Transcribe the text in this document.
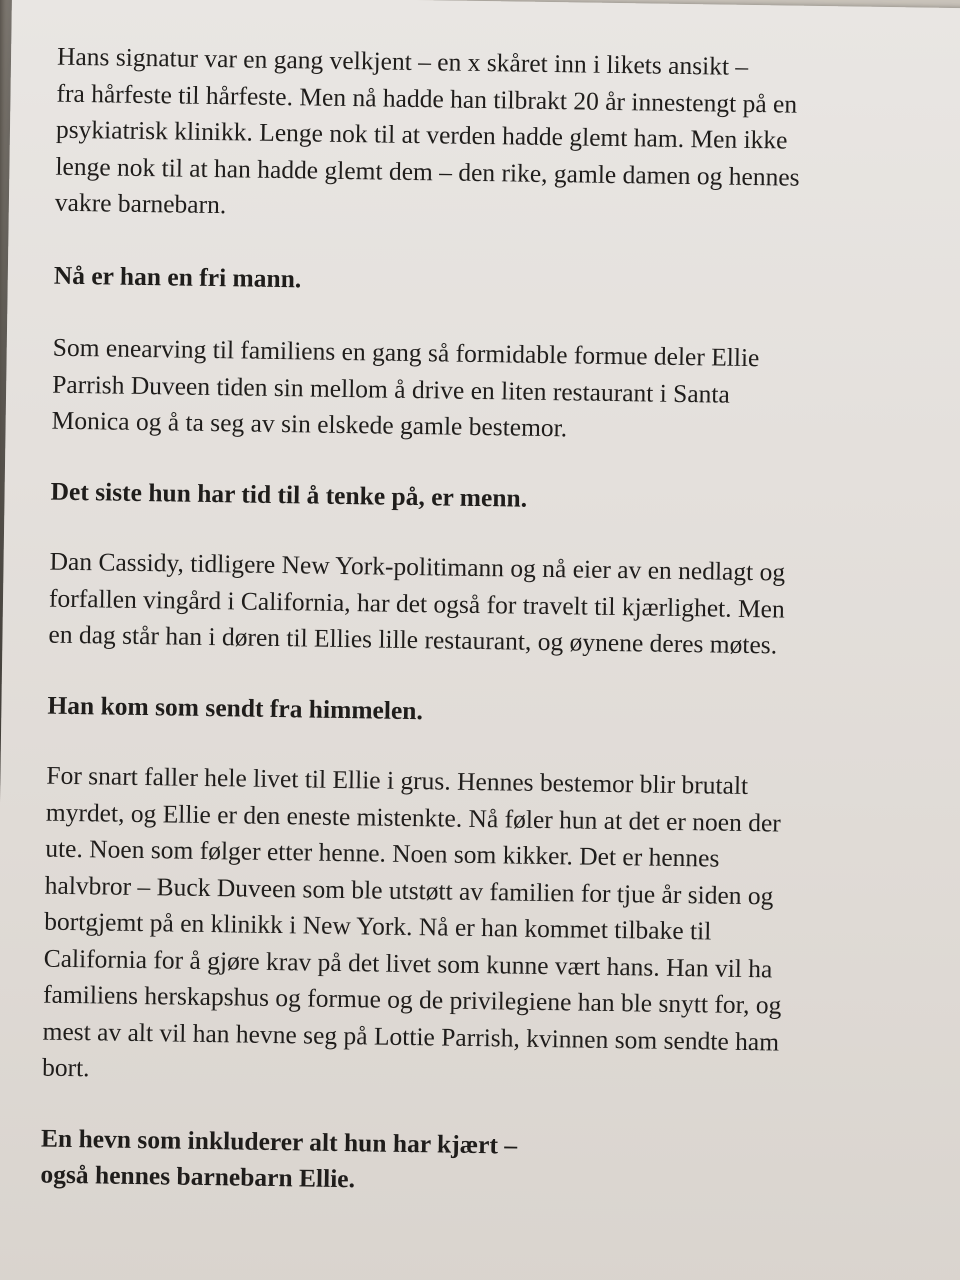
Hans signatur var en gang velkjent – en x skåret inn i likets ansikt –

fra hårfeste til hårfeste. Men nå hadde han tilbrakt 20 år innestengt på en

psykiatrisk klinikk. Lenge nok til at verden hadde glemt ham. Men ikke

lenge nok til at han hadde glemt dem – den rike, gamle damen og hennes

vakre barnebarn.

Nå er han en fri mann.

Som enearving til familiens en gang så formidable formue deler Ellie

Parrish Duveen tiden sin mellom å drive en liten restaurant i Santa

Monica og å ta seg av sin elskede gamle bestemor.

Det siste hun har tid til å tenke på, er menn.

Dan Cassidy, tidligere New York-politimann og nå eier av en nedlagt og

forfallen vingård i California, har det også for travelt til kjærlighet. Men

en dag står han i døren til Ellies lille restaurant, og øynene deres møtes.

Han kom som sendt fra himmelen.

For snart faller hele livet til Ellie i grus. Hennes bestemor blir brutalt

myrdet, og Ellie er den eneste mistenkte. Nå føler hun at det er noen der

ute. Noen som følger etter henne. Noen som kikker. Det er hennes

halvbror – Buck Duveen som ble utstøtt av familien for tjue år siden og

bortgjemt på en klinikk i New York. Nå er han kommet tilbake til

California for å gjøre krav på det livet som kunne vært hans. Han vil ha

familiens herskapshus og formue og de privilegiene han ble snytt for, og

mest av alt vil han hevne seg på Lottie Parrish, kvinnen som sendte ham

bort.

En hevn som inkluderer alt hun har kjært –

også hennes barnebarn Ellie.
